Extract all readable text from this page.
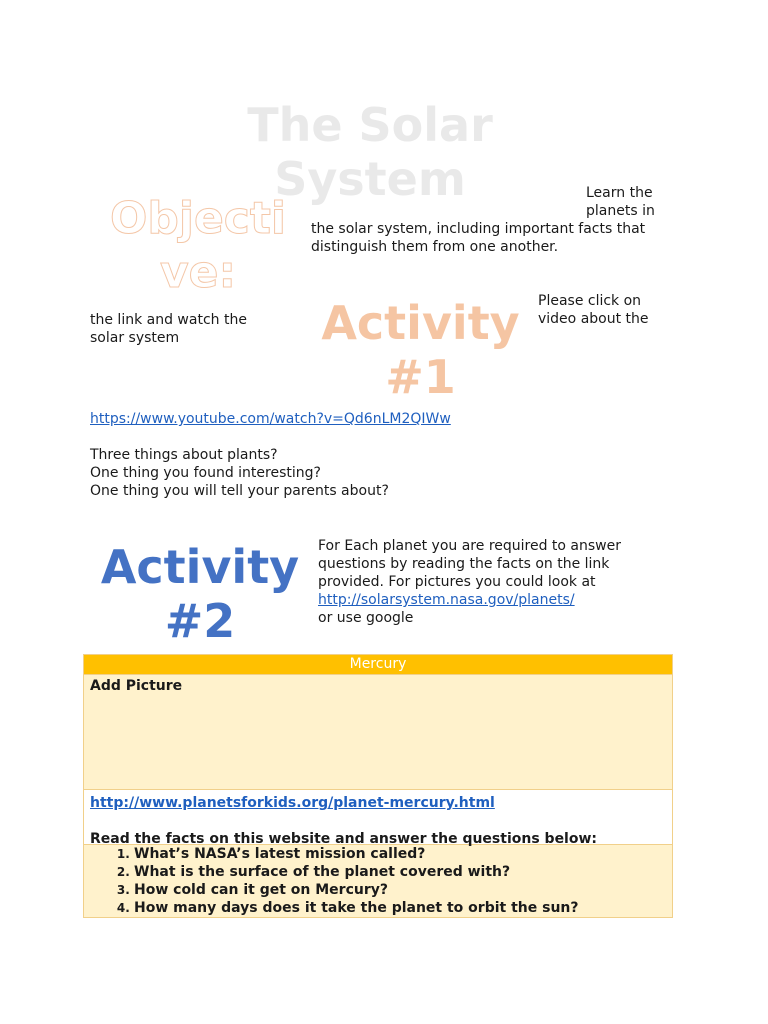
The Solar System
Objective:
Learn the planets in
the solar system, including important facts that distinguish them from one another.
Please click on video about the
Activity #1
the link and watch the solar system
https://www.youtube.com/watch?v=Qd6nLM2QIWw
Three things about plants?
One thing you found interesting?
One thing you will tell your parents about?
Activity #2
For Each planet you are required to answer questions by reading the facts on the link provided. For pictures you could look at
http://solarsystem.nasa.gov/planets/
or use google
Mercury
Add Picture
http://www.planetsforkids.org/planet-mercury.html
Read the facts on this website and answer the questions below:
1. What’s NASA’s latest mission called?
2. What is the surface of the planet covered with?
3. How cold can it get on Mercury?
4. How many days does it take the planet to orbit the sun?
